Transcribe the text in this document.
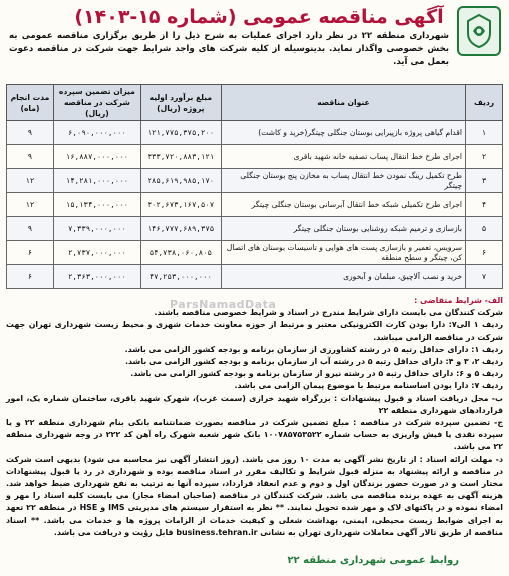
آگهی مناقصه عمومی (شماره ۱۵-۱۴۰۳)
شهرداری منطقه ۲۲ در نظر دارد اجرای عملیات به شرح ذیل را از طریق برگزاری مناقصه عمومی به بخش خصوصی واگذار نماید. بدینوسیله از کلیه شرکت های واجد شرایط جهت شرکت در مناقصه دعوت بعمل می آید.
ردیف	عنوان مناقصه	مبلغ برآورد اولیه پروژه (ریال)	میزان تضمین سپرده شرکت در مناقصه (ریال)	مدت انجام (ماه)
۱	اقدام گیاهی پروژه بازپیرایی بوستان جنگلی چیتگر(خرید و کاشت)	۱۲۱,۷۷۵,۳۷۵,۲۰۰	۶,۰۹۰,۰۰۰,۰۰۰	۹
۲	اجرای طرح خط انتقال پساب تصفیه خانه شهید باقری	۳۳۳,۷۲۰,۸۸۳,۱۲۱	۱۶,۸۸۷,۰۰۰,۰۰۰	۹
۳	طرح تکمیل رینگ نمودن خط انتقال پساب به مخازن پنج بوستان جنگلی چیتگر	۲۸۵,۶۱۹,۹۸۵,۱۷۰	۱۴,۲۸۱,۰۰۰,۰۰۰	۱۲
۴	اجرای طرح تکمیلی شبکه خط انتقال آبرسانی بوستان جنگلی چیتگر	۳۰۲,۶۷۳,۱۶۷,۵۰۷	۱۵,۱۳۴,۰۰۰,۰۰۰	۱۲
۵	بازسازی و ترمیم شبکه روشنایی بوستان جنگلی چیتگر	۱۴۶,۷۷۷,۶۸۹,۳۷۵	۷,۳۳۹,۰۰۰,۰۰۰	۹
۶	سرویس، تعمیر و بازسازی پست های هوایی و تاسیسات بوستان های اتصال کن، چیتگر و سطح منطقه	۵۴,۷۳۸,۰۶۰,۸۰۵	۲,۷۳۷,۰۰۰,۰۰۰	۶
۷	خرید و نصب آلاچیق، مبلمان و آبخوری	۴۷,۲۵۳,۰۰۰,۰۰۰	۲,۳۶۳,۰۰۰,۰۰۰	۶
ParsNamadData	الف- شرایط متقاضی :

شرکت کنندگان می بایست دارای شرایط مندرج در اسناد و شرایط خصوصی مناقصه باشند.

ردیف ۱ الی۷: دارا بودن کارت الکترونیکی معتبر و مرتبط از حوزه معاونت خدمات شهری و محیط زیست شهرداری تهران جهت شرکت در مناقصه الزامی میباشد.

ردیف ۱: دارای حداقل رتبه ۵ در رشته کشاورزی از سازمان برنامه و بودجه کشور الزامی می باشد.

ردیف ۲، ۳ و ۴: دارای حداقل رتبه ۵ در رشته آب از سازمان برنامه و بودجه کشور الزامی می باشد.

ردیف ۵ و ۶: دارای حداقل رتبه ۵ در رشته نیرو از سازمان برنامه و بودجه کشور الزامی می باشد.

ردیف ۷: دارا بودن اساسنامه مرتبط با موضوع پیمان الزامی می باشد.

ب- محل دریافت اسناد و قبول پیشنهادات : بزرگراه شهید خرازی (سمت غرب)، شهرک شهید باقری، ساختمان شماره یک، امور قراردادهای شهرداری منطقه ۲۲

ج- تضمین سپرده شرکت در مناقصه : مبلغ تضمین شرکت در مناقصه بصورت ضمانتنامه بانکی بنام شهرداری منطقه ۲۲ و یا سپرده نقدی یا فیش واریزی به حساب شماره ۱۰۰۷۸۵۷۵۳۵۲۲ بانک شهر شعبه شهرک راه آهن کد ۲۲۲ در وجه شهرداری منطقه ۲۲ می باشد.

د- مهلت ارائه اسناد : از تاریخ نشر آگهی به مدت ۱۰ روز می باشد. (روز انتشار آگهی نیز محاسبه می شود) بدیهی است شرکت در مناقصه و ارائه پیشنهاد به منزله قبول شرایط و تکالیف مقرر در اسناد مناقصه بوده و شهرداری در رد یا قبول پیشنهادات مختار است و در صورت حضور برندگان اول و دوم و عدم انعقاد قرارداد، سپرده آنها به ترتیب به نفع شهرداری ضبط خواهد شد. هزینه آگهی به عهده برنده مناقصه می باشد. شرکت کنندگان در مناقصه (صاحبان امضاء مجاز) می بایست کلیه اسناد را مهر و امضاء نموده و در پاکتهای لاک و مهر شده تحویل نمایند. ** نظر به استقرار سیستم های مدیریتی IMS و HSE در منطقه ۲۲ تعهد به اجرای ضوابط زیست محیطی، ایمنی، بهداشت شغلی و کیفیت خدمات از الزامات پروژه ها و خدمات می باشد. ** اسناد مناقصه از طریق تالار آگهی معاملات شهرداری تهران به نشانی business.tehran.ir قابل رؤیت و دریافت می باشد.

روابط عمومی شهرداری منطقه ۲۲
